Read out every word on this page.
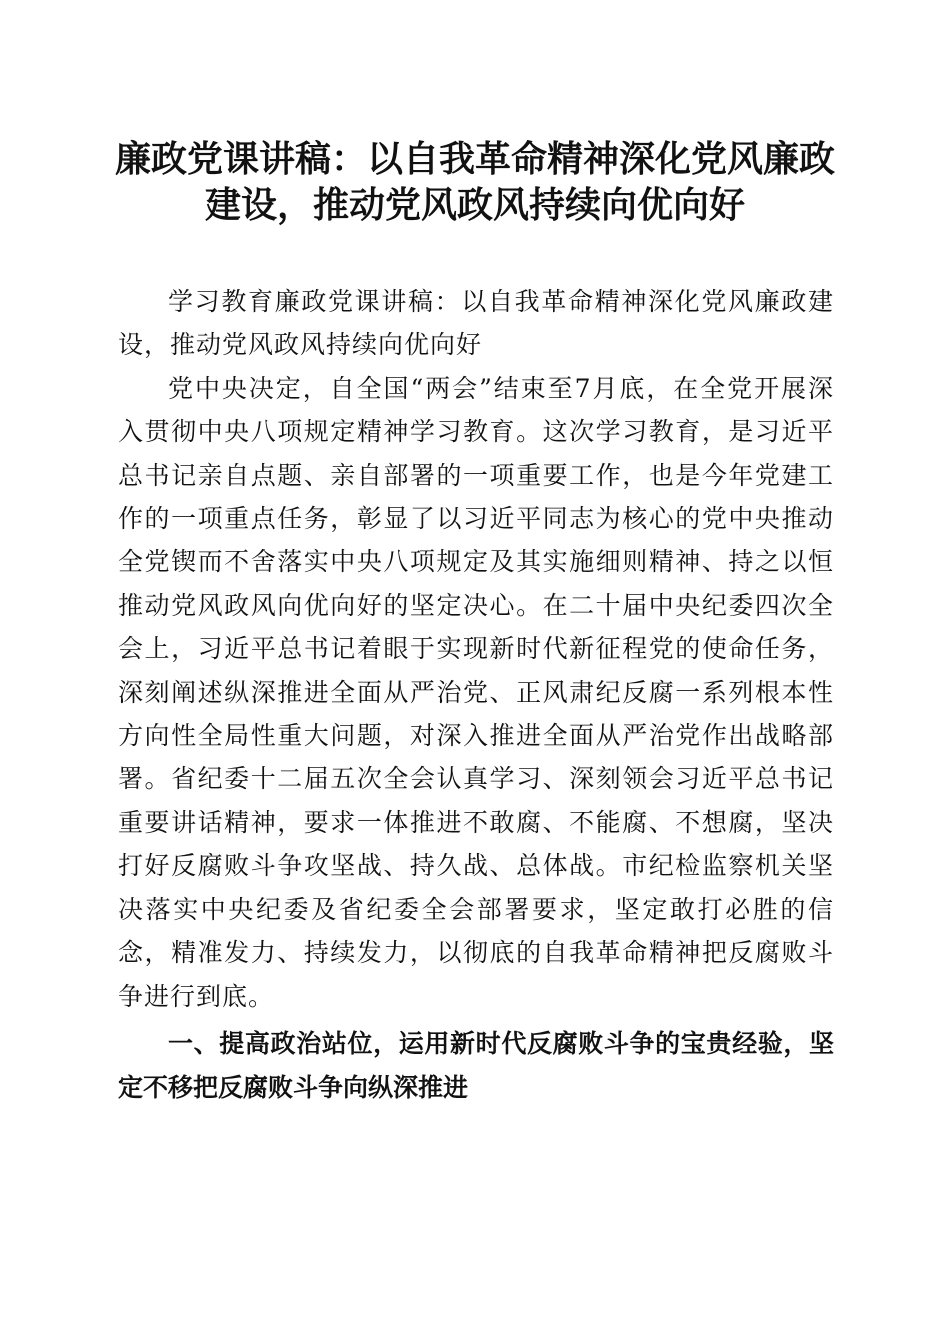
廉政党课讲稿：以自我革命精神深化党风廉政
建设，推动党风政风持续向优向好

学习教育廉政党课讲稿：以自我革命精神深化党风廉政建设，推动党风政风持续向优向好

党中央决定，自全国“两会”结束至7月底，在全党开展深入贯彻中央八项规定精神学习教育。这次学习教育，是习近平总书记亲自点题、亲自部署的一项重要工作，也是今年党建工作的一项重点任务，彰显了以习近平同志为核心的党中央推动全党锲而不舍落实中央八项规定及其实施细则精神、持之以恒推动党风政风向优向好的坚定决心。在二十届中央纪委四次全会上，习近平总书记着眼于实现新时代新征程党的使命任务，深刻阐述纵深推进全面从严治党、正风肃纪反腐一系列根本性方向性全局性重大问题，对深入推进全面从严治党作出战略部署。省纪委十二届五次全会认真学习、深刻领会习近平总书记重要讲话精神，要求一体推进不敢腐、不能腐、不想腐，坚决打好反腐败斗争攻坚战、持久战、总体战。市纪检监察机关坚决落实中央纪委及省纪委全会部署要求，坚定敢打必胜的信念，精准发力、持续发力，以彻底的自我革命精神把反腐败斗争进行到底。

一、提高政治站位，运用新时代反腐败斗争的宝贵经验，坚定不移把反腐败斗争向纵深推进
